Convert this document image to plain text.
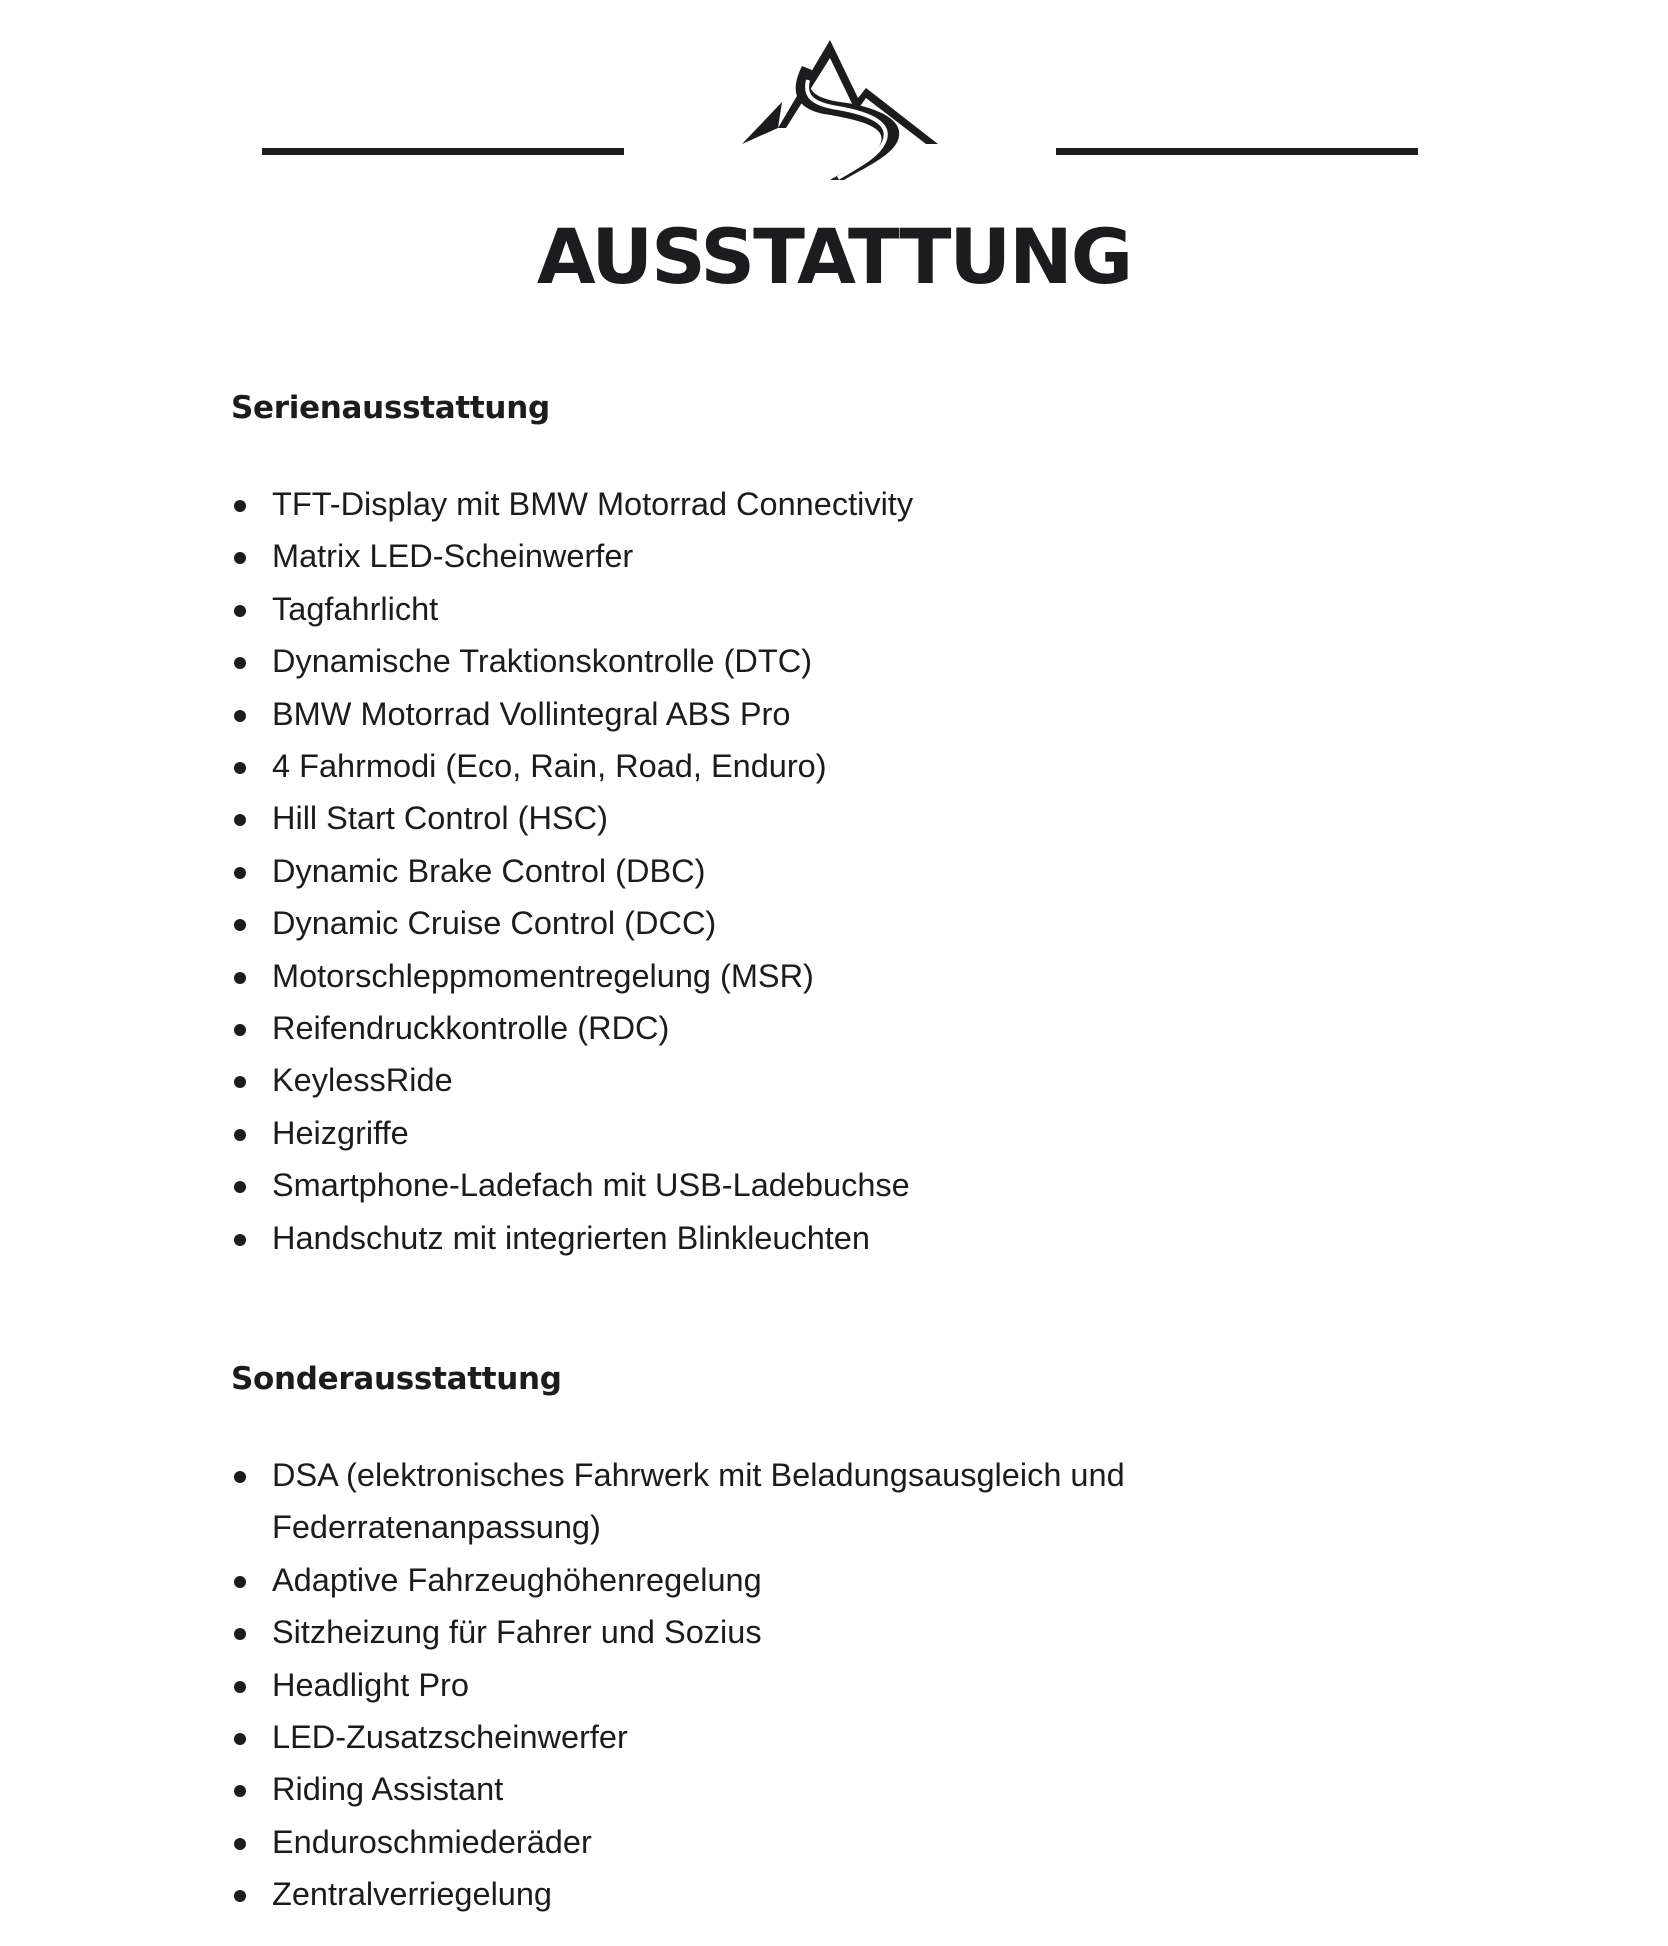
AUSSTATTUNG
Serienausstattung
TFT-Display mit BMW Motorrad Connectivity
Matrix LED-Scheinwerfer
Tagfahrlicht
Dynamische Traktionskontrolle (DTC)
BMW Motorrad Vollintegral ABS Pro
4 Fahrmodi (Eco, Rain, Road, Enduro)
Hill Start Control (HSC)
Dynamic Brake Control (DBC)
Dynamic Cruise Control (DCC)
Motorschleppmomentregelung (MSR)
Reifendruckkontrolle (RDC)
KeylessRide
Heizgriffe
Smartphone-Ladefach mit USB-Ladebuchse
Handschutz mit integrierten Blinkleuchten
Sonderausstattung
DSA (elektronisches Fahrwerk mit Beladungsausgleich und Federratenanpassung)
Adaptive Fahrzeughöhenregelung
Sitzheizung für Fahrer und Sozius
Headlight Pro
LED-Zusatzscheinwerfer
Riding Assistant
Enduroschmiederäder
Zentralverriegelung
